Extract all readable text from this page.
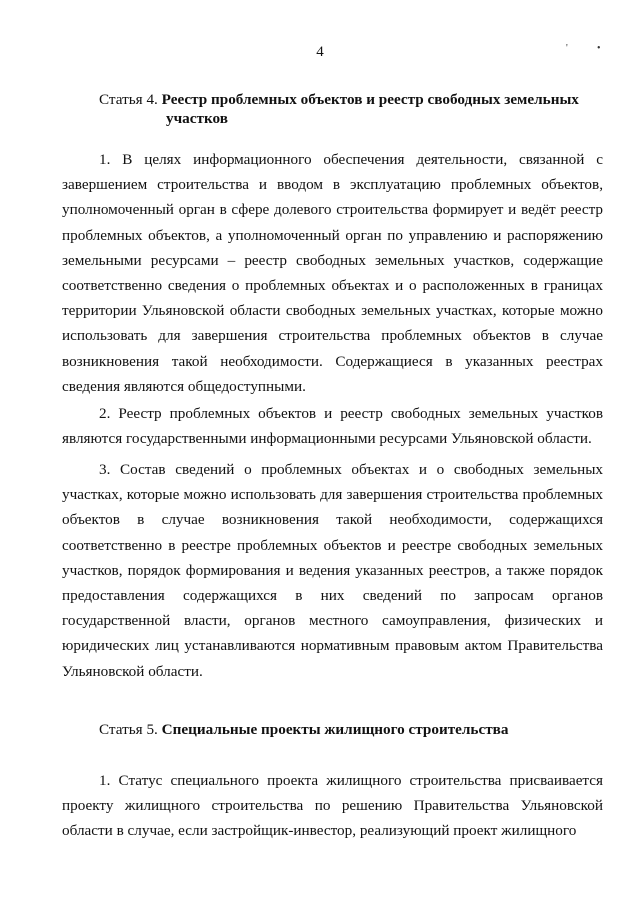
4	'	•
Статья 4. Реестр проблемных объектов и реестр свободных земельных
участков

1. В целях информационного обеспечения деятельности, связанной с завершением строительства и вводом в эксплуатацию проблемных объектов, уполномоченный орган в сфере долевого строительства формирует и ведёт реестр проблемных объектов, а уполномоченный орган по управлению и распоряжению земельными ресурсами – реестр свободных земельных участков, содержащие соответственно сведения о проблемных объектах и о расположенных в границах территории Ульяновской области свободных земельных участках, которые можно использовать для завершения строительства проблемных объектов в случае возникновения такой необходимости. Содержащиеся в указанных реестрах сведения являются общедоступными.

2. Реестр проблемных объектов и реестр свободных земельных участков являются государственными информационными ресурсами Ульяновской области.

3. Состав сведений о проблемных объектах и о свободных земельных участках, которые можно использовать для завершения строительства проблемных объектов в случае возникновения такой необходимости, содержащихся соответственно в реестре проблемных объектов и реестре свободных земельных участков, порядок формирования и ведения указанных реестров, а также порядок предоставления содержащихся в них сведений по запросам органов государственной власти, органов местного самоуправления, физических и юридических лиц устанавливаются нормативным правовым актом Правительства Ульяновской области.

Статья 5. Специальные проекты жилищного строительства

1. Статус специального проекта жилищного строительства присваивается проекту жилищного строительства по решению Правительства Ульяновской области в случае, если застройщик-инвестор, реализующий проект жилищного
